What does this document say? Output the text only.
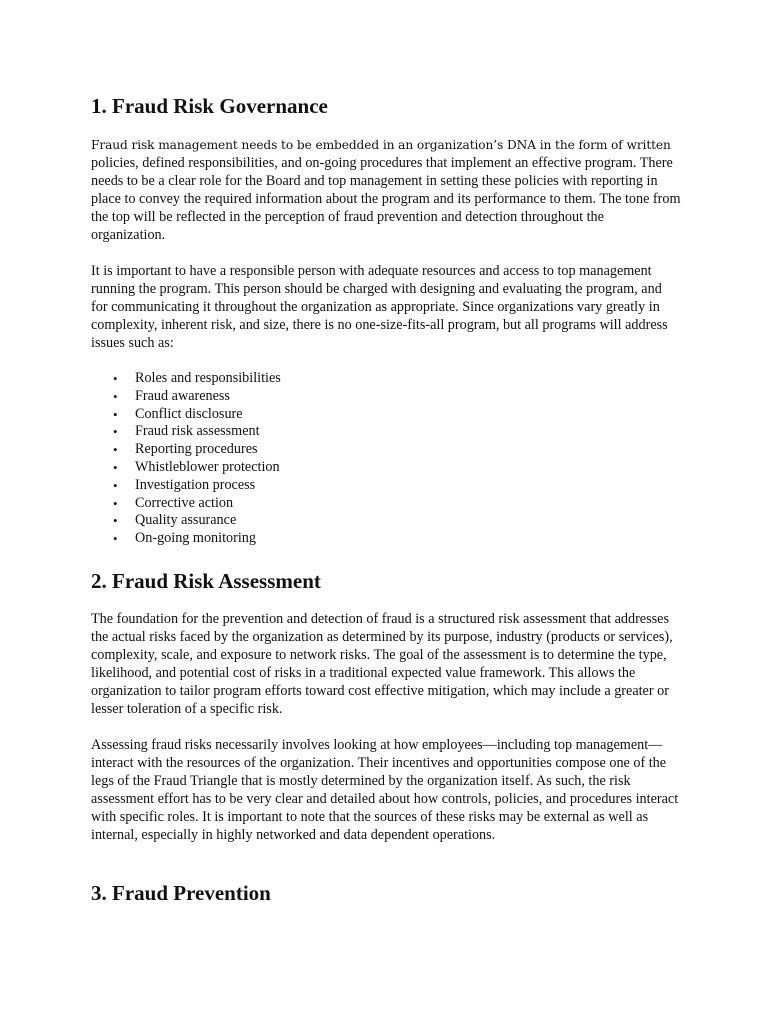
1. Fraud Risk Governance

Fraud risk management needs to be embedded in an organization’s DNA in the form of written policies, defined responsibilities, and on-going procedures that implement an effective program. There needs to be a clear role for the Board and top management in setting these policies with reporting in place to convey the required information about the program and its performance to them. The tone from the top will be reflected in the perception of fraud prevention and detection throughout the organization.

It is important to have a responsible person with adequate resources and access to top management running the program. This person should be charged with designing and evaluating the program, and for communicating it throughout the organization as appropriate. Since organizations vary greatly in complexity, inherent risk, and size, there is no one-size-fits-all program, but all programs will address issues such as:

• Roles and responsibilities
• Fraud awareness
• Conflict disclosure
• Fraud risk assessment
• Reporting procedures
• Whistleblower protection
• Investigation process
• Corrective action
• Quality assurance
• On-going monitoring
2. Fraud Risk Assessment

The foundation for the prevention and detection of fraud is a structured risk assessment that addresses the actual risks faced by the organization as determined by its purpose, industry (products or services), complexity, scale, and exposure to network risks. The goal of the assessment is to determine the type, likelihood, and potential cost of risks in a traditional expected value framework. This allows the organization to tailor program efforts toward cost effective mitigation, which may include a greater or lesser toleration of a specific risk.

Assessing fraud risks necessarily involves looking at how employees—including top management—interact with the resources of the organization. Their incentives and opportunities compose one of the legs of the Fraud Triangle that is mostly determined by the organization itself. As such, the risk assessment effort has to be very clear and detailed about how controls, policies, and procedures interact with specific roles. It is important to note that the sources of these risks may be external as well as internal, especially in highly networked and data dependent operations.

3. Fraud Prevention
